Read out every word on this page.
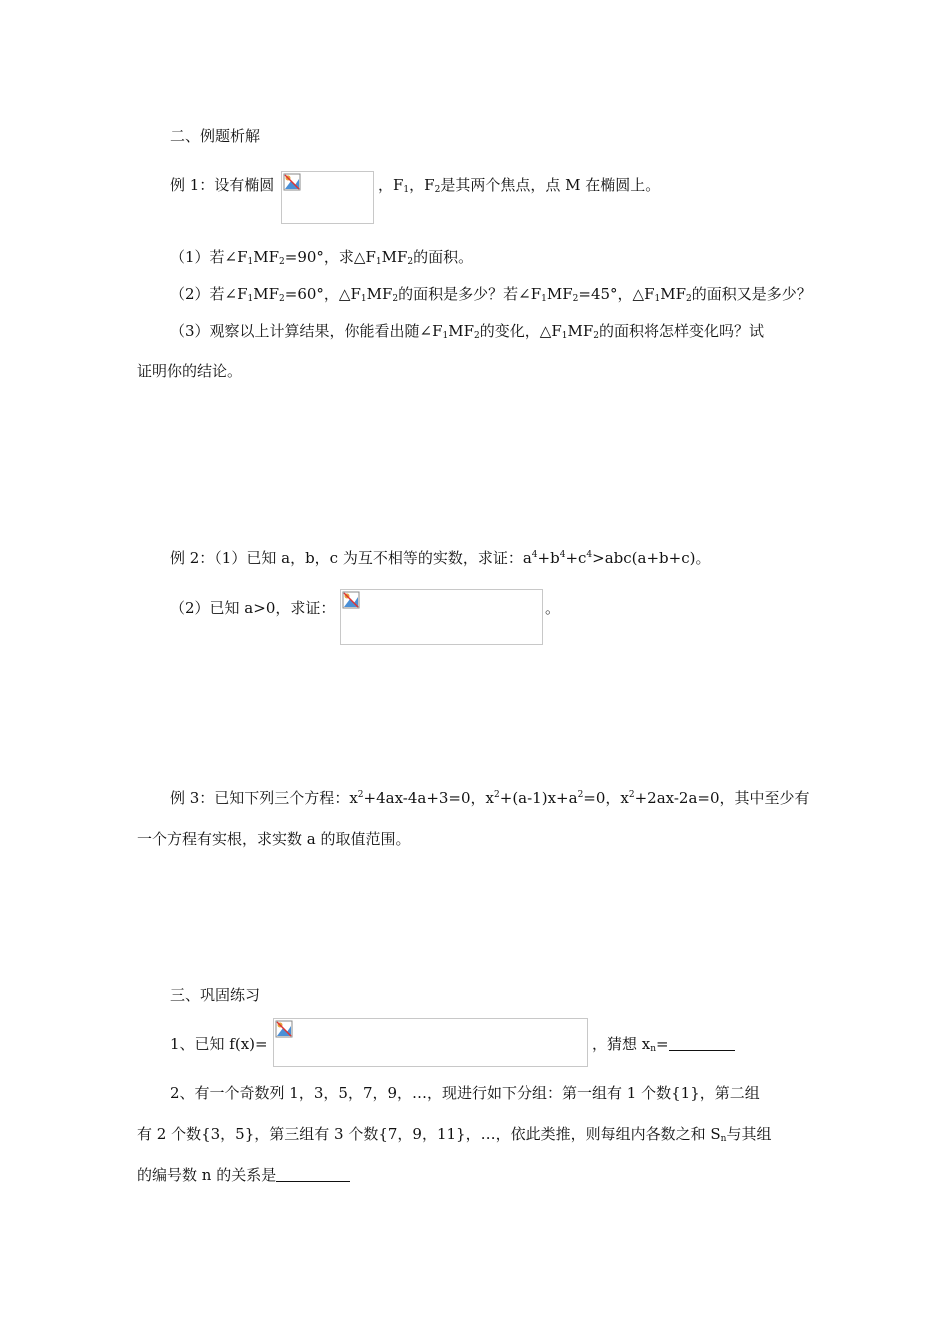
二、例题析解
例 1：设有椭圆	，$F_1$，$F_2$是其两个焦点，点 M 在椭圆上。
（1）若$\angle F_1MF_2=90^\circ$，求$\triangle F_1MF_2$的面积。
（2）若$\angle F_1MF_2=60^\circ$，$\triangle F_1MF_2$的面积是多少？若$\angle F_1MF_2=45^\circ$，$\triangle F_1MF_2$的面积又是多少？
（3）观察以上计算结果，你能看出随$\angle F_1MF_2$的变化，$\triangle F_1MF_2$的面积将怎样变化吗？试
证明你的结论。
例 2：（1）已知 a，b，c 为互不相等的实数，求证：$a^4+b^4+c^4>abc(a+b+c)$。
（2）已知 a>0，求证：	。
例 3：已知下列三个方程：$x^2+4ax-4a+3=0$，$x^2+(a-1)x+a^2=0$，$x^2+2ax-2a=0$，其中至少有
一个方程有实根，求实数 a 的取值范围。
三、巩固练习
1、已知 f(x)=	，猜想 $x_n=$
2、有一个奇数列 1，3，5，7，9，…，现进行如下分组：第一组有 1 个数{1}，第二组
有 2 个数{3，5}，第三组有 3 个数{7，9，11}，…，依此类推，则每组内各数之和 $S_n$与其组
的编号数 n 的关系是
